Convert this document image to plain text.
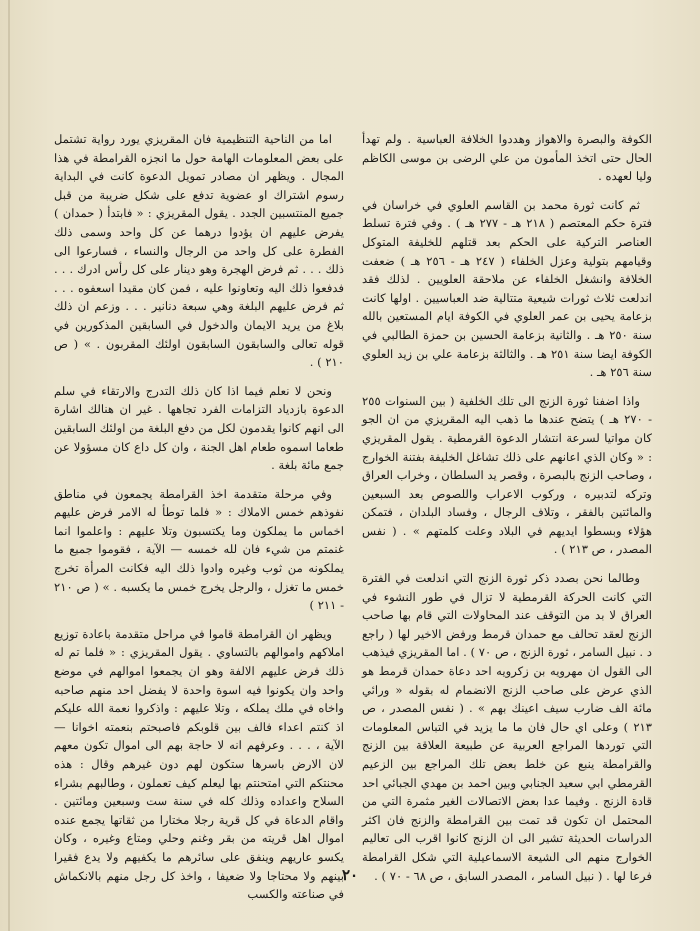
الكوفة والبصرة والاهواز وهددوا الخلافة العباسية . ولم تهدأ الحال حتى اتخذ المأمون من علي الرضى بن موسى الكاظم وليا لعهده .

ثم كانت ثورة محمد بن القاسم العلوي في خراسان في فترة حكم المعتصم ( ٢١٨ هـ - ٢٧٧ هـ ) . وفي فترة تسلط العناصر التركية على الحكم بعد قتلهم للخليفة المتوكل وقيامهم بتولية وعزل الخلفاء ( ٢٤٧ هـ - ٢٥٦ هـ ) ضعفت الخلافة وانشغل الخلفاء عن ملاحقة العلويين . لذلك فقد اندلعت ثلاث ثورات شيعية متتالية ضد العباسيين . اولها كانت بزعامة يحيى بن عمر العلوي في الكوفة ايام المستعين بالله سنة ٢٥٠ هـ . والثانية بزعامة الحسين بن حمزة الطالبي في الكوفة ايضا سنة ٢٥١ هـ . والثالثة بزعامة علي بن زيد العلوي سنة ٢٥٦ هـ .

واذا اضفنا ثورة الزنج الى تلك الخلفية ( بين السنوات ٢٥٥ - ٢٧٠ هـ ) يتضح عندها ما ذهب اليه المقريزي من ان الجو كان مواتيا لسرعة انتشار الدعوة القرمطية . يقول المقريزي : « وكان الذي اعانهم على ذلك تشاغل الخليفة بفتنة الخوارج ، وصاحب الزنج بالبصرة ، وقصر يد السلطان ، وخراب العراق وتركه لتدبيره ، وركوب الاعراب واللصوص بعد السبعين والمائتين بالفقر ، وتلاف الرجال ، وفساد البلدان ، فتمكن هؤلاء وبسطوا ايديهم في البلاد وعلت كلمتهم » . ( نفس المصدر ، ص ٢١٣ ) .

وطالما نحن بصدد ذكر ثورة الزنج التي اندلعت في الفترة التي كانت الحركة القرمطية لا تزال في طور النشوء في العراق لا بد من التوقف عند المحاولات التي قام بها صاحب الزنج لعقد تحالف مع حمدان قرمط ورفض الاخير لها ( راجع د . نبيل السامر ، ثورة الزنج ، ص ٧٠ ) . اما المقريزي فيذهب الى القول ان مهرويه بن زكرويه احد دعاة حمدان قرمط هو الذي عرض على صاحب الزنج الانضمام له بقوله « ورائي مائة الف ضارب سيف اعينك بهم » . ( نفس المصدر ، ص ٢١٣ ) وعلى اي حال فان ما ما يزيد في التباس المعلومات التي توردها المراجع العربية عن طبيعة العلاقة بين الزنج والقرامطة ينبع عن خلط بعض تلك المراجع بين الزعيم القرمطي ابي سعيد الجنابي وبين احمد بن مهدي الجبائي احد قادة الزنج . وفيما عدا بعض الاتصالات الغير مثمرة التي من المحتمل ان تكون قد تمت بين القرامطة والزنج فان اكثر الدراسات الحديثة تشير الى ان الزنج كانوا اقرب الى تعاليم الخوارج منهم الى الشيعة الاسماعيلية التي شكل القرامطة فرعا لها . ( نبيل السامر ، المصدر السابق ، ص ٦٨ - ٧٠ ) .

اما من الناحية التنظيمية فان المقريزي يورد رواية تشتمل على بعض المعلومات الهامة حول ما انجزه القرامطة في هذا المجال . ويظهر ان مصادر تمويل الدعوة كانت في البداية رسوم اشتراك او عضوية تدفع على شكل ضريبة من قبل جميع المنتسبين الجدد . يقول المقريزي : « فابتدأ ( حمدان ) يفرض عليهم ان يؤدوا درهما عن كل واحد وسمى ذلك الفطرة على كل واحد من الرجال والنساء ، فسارعوا الى ذلك . . . ثم فرض الهجرة وهو دينار على كل رأس ادرك . . . فدفعوا ذلك اليه وتعاونوا عليه ، فمن كان مقيدا اسعفوه . . . ثم فرض عليهم البلغة وهي سبعة دنانير . . . وزعم ان ذلك بلاغ من يريد الايمان والدخول في السابقين المذكورين في قوله تعالى والسابقون السابقون اولئك المقربون . » ( ص ٢١٠ ) .

ونحن لا نعلم فيما اذا كان ذلك التدرج والارتقاء في سلم الدعوة بازدياد التزامات الفرد تجاهها . غير ان هنالك اشارة الى انهم كانوا يقدمون لكل من دفع البلغة من اولئك السابقين طعاما اسموه طعام اهل الجنة ، وان كل داع كان مسؤولا عن جمع مائة بلغة .

وفي مرحلة متقدمة اخذ القرامطة يجمعون في مناطق نفوذهم خمس الاملاك : « فلما توطأ له الامر فرض عليهم اخماس ما يملكون وما يكتسبون وتلا عليهم : واعلموا انما غنمتم من شيء فان لله خمسه — الآية ، فقوموا جميع ما يملكونه من ثوب وغيره وادوا ذلك اليه فكانت المرأة تخرج خمس ما تغزل ، والرجل يخرج خمس ما يكسبه . » ( ص ٢١٠ - ٢١١ )

ويظهر ان القرامطة قاموا في مراحل متقدمة باعادة توزيع املاكهم واموالهم بالتساوي . يقول المقريزي : « فلما تم له ذلك فرض عليهم الالفة وهو ان يجمعوا اموالهم في موضع واحد وان يكونوا فيه اسوة واحدة لا يفضل احد منهم صاحبه واخاه في ملك يملكه ، وتلا عليهم : واذكروا نعمة الله عليكم اذ كنتم اعداء فالف بين قلوبكم فاصبحتم بنعمته اخوانا — الآية ، . . . وعرفهم انه لا حاجة بهم الى اموال تكون معهم لان الارض باسرها ستكون لهم دون غيرهم وقال : هذه محنتكم التي امتحنتم بها ليعلم كيف تعملون ، وطالبهم بشراء السلاح واعداده وذلك كله في سنة ست وسبعين ومائتين . واقام الدعاة في كل قرية رجلا مختارا من ثقاتها يجمع عنده اموال اهل قريته من بقر وغنم وحلي ومتاع وغيره ، وكان يكسو عاريهم وينفق على سائرهم ما يكفيهم ولا يدع فقيرا بينهم ولا محتاجا ولا ضعيفا ، واخذ كل رجل منهم بالانكماش في صناعته والكسب

٢٠
